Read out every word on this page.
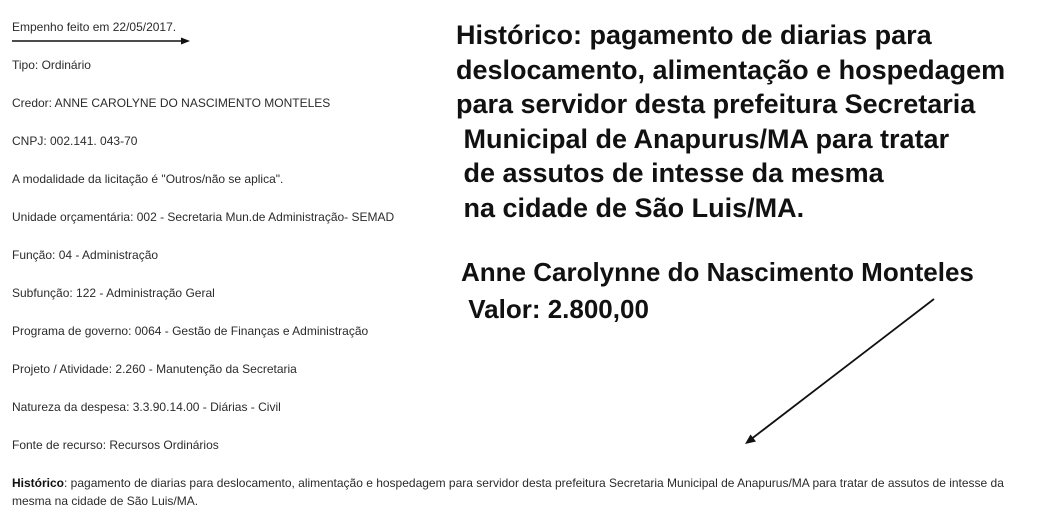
Empenho feito em 22/05/2017.
Tipo: Ordinário
Credor: ANNE CAROLYNE DO NASCIMENTO MONTELES
CNPJ: 002.141. 043-70
A modalidade da licitação é "Outros/não se aplica".
Unidade orçamentária: 002 - Secretaria Mun.de Administração- SEMAD
Função: 04 - Administração
Subfunção: 122 - Administração Geral
Programa de governo: 0064 - Gestão de Finanças e Administração
Projeto / Atividade: 2.260 - Manutenção da Secretaria
Natureza da despesa: 3.3.90.14.00 - Diárias - Civil
Fonte de recurso: Recursos Ordinários
Histórico: pagamento de diarias para
deslocamento, alimentação e hospedagem
para servidor desta prefeitura Secretaria
Municipal de Anapurus/MA para tratar
de assutos de intesse da mesma
na cidade de São Luis/MA.
Anne Carolynne do Nascimento Monteles
Valor: 2.800,00
Histórico: pagamento de diarias para deslocamento, alimentação e hospedagem para servidor desta prefeitura Secretaria Municipal de Anapurus/MA para tratar de assutos de intesse da mesma na cidade de São Luis/MA.
